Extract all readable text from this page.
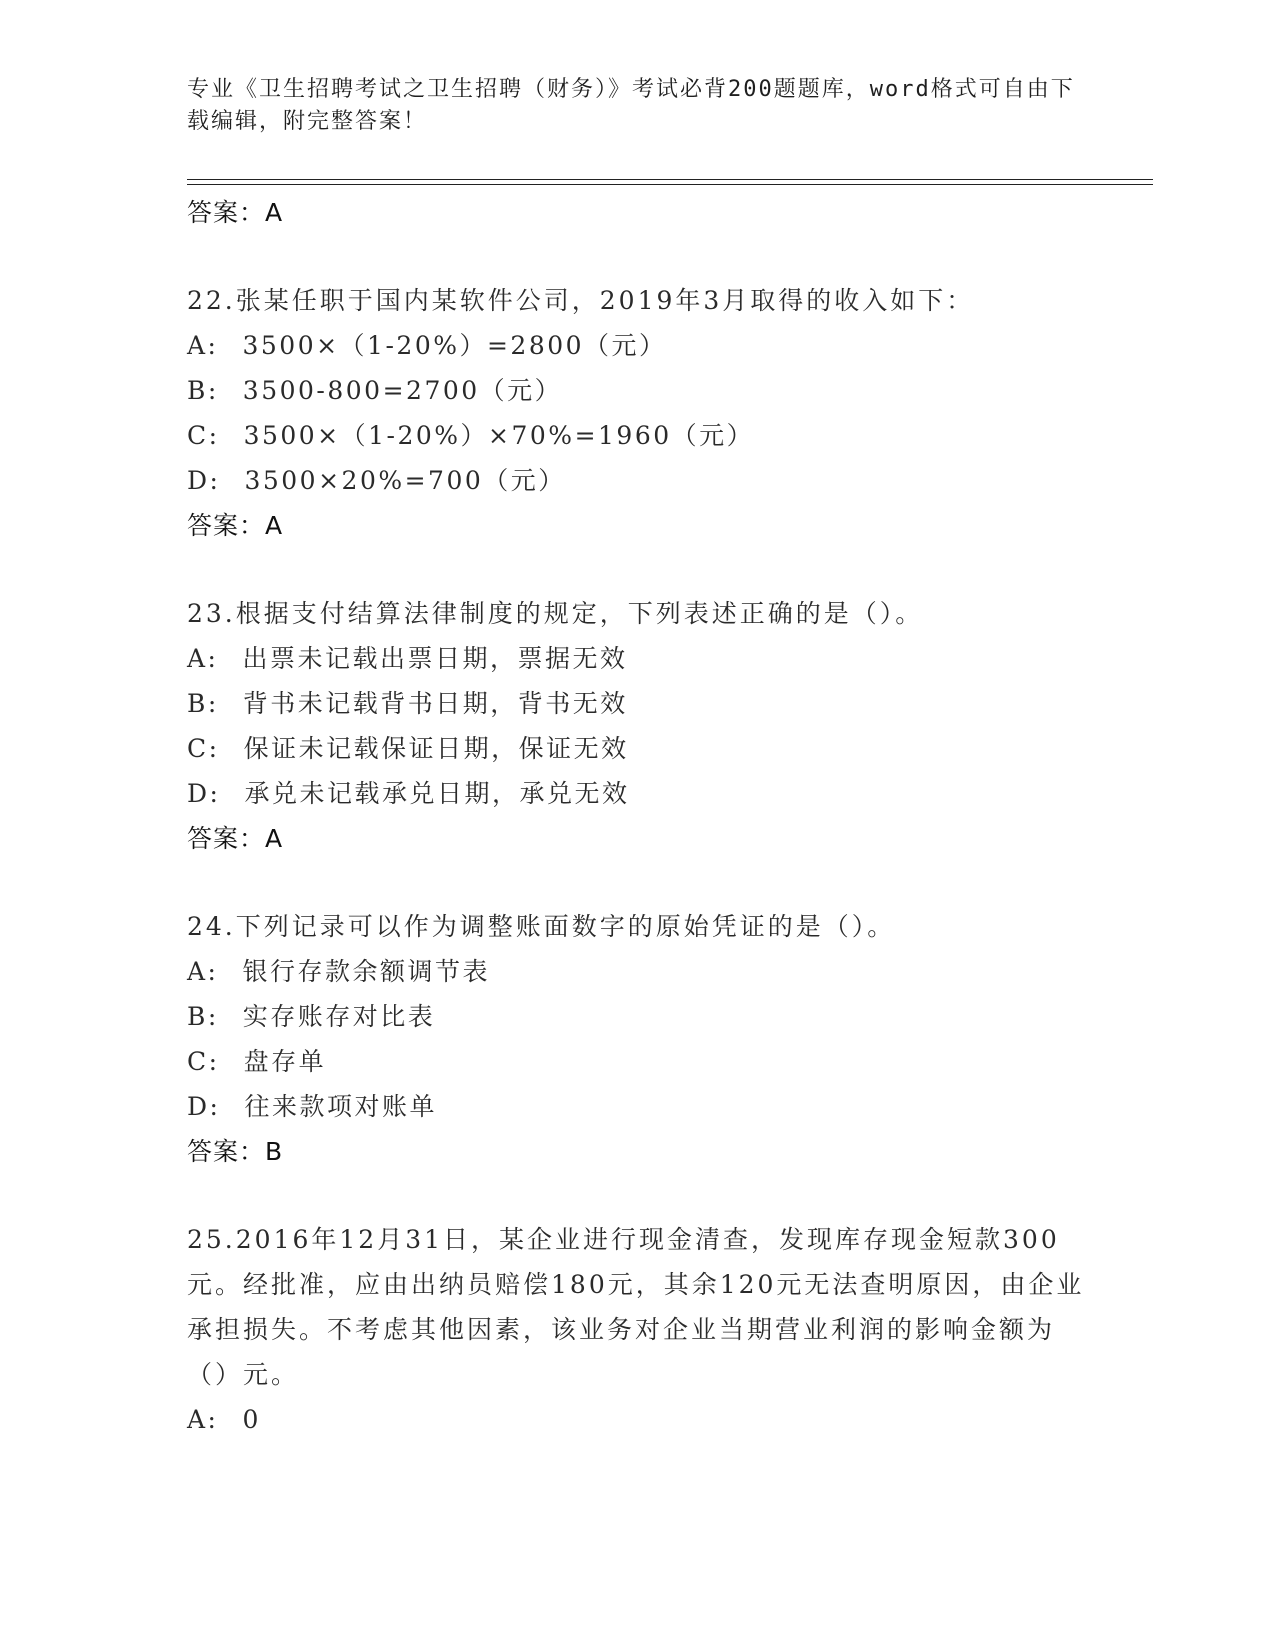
专业《卫生招聘考试之卫生招聘（财务）》考试必背200题题库，word格式可自由下载编辑，附完整答案！
答案：A
22.张某任职于国内某软件公司，2019年3月取得的收入如下：
A: 3500×（1-20%）=2800（元）
B: 3500-800=2700（元）
C: 3500×（1-20%）×70%=1960（元）
D: 3500×20%=700（元）
答案：A
23.根据支付结算法律制度的规定，下列表述正确的是（）。
A: 出票未记载出票日期，票据无效
B: 背书未记载背书日期，背书无效
C: 保证未记载保证日期，保证无效
D: 承兑未记载承兑日期，承兑无效
答案：A
24.下列记录可以作为调整账面数字的原始凭证的是（）。
A: 银行存款余额调节表
B: 实存账存对比表
C: 盘存单
D: 往来款项对账单
答案：B
25.2016年12月31日，某企业进行现金清查，发现库存现金短款300元。经批准，应由出纳员赔偿180元，其余120元无法查明原因，由企业承担损失。不考虑其他因素，该业务对企业当期营业利润的影响金额为（）元。
A: 0
